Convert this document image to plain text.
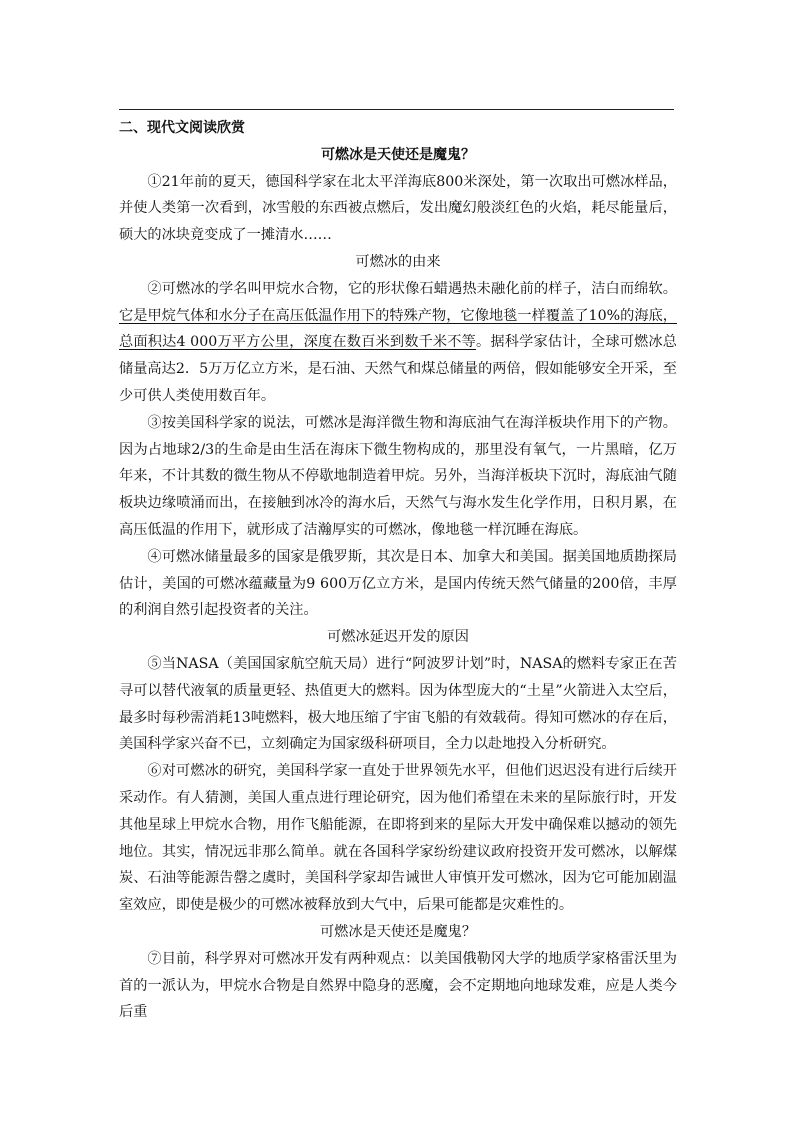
二、现代文阅读欣赏

可燃冰是天使还是魔鬼？

①21年前的夏天，德国科学家在北太平洋海底800米深处，第一次取出可燃冰样品，并使人类第一次看到，冰雪般的东西被点燃后，发出魔幻般淡红色的火焰，耗尽能量后，硕大的冰块竟变成了一摊清水……

可燃冰的由来

②可燃冰的学名叫甲烷水合物，它的形状像石蜡遇热未融化前的样子，洁白而绵软。它是甲烷气体和水分子在高压低温作用下的特殊产物，它像地毯一样覆盖了10%的海底，总面积达4 000万平方公里，深度在数百米到数千米不等。据科学家估计，全球可燃冰总储量高达2．5万万亿立方米，是石油、天然气和煤总储量的两倍，假如能够安全开采，至少可供人类使用数百年。

③按美国科学家的说法，可燃冰是海洋微生物和海底油气在海洋板块作用下的产物。因为占地球2/3的生命是由生活在海床下微生物构成的，那里没有氧气，一片黑暗，亿万年来，不计其数的微生物从不停歇地制造着甲烷。另外，当海洋板块下沉时，海底油气随板块边缘喷涌而出，在接触到冰冷的海水后，天然气与海水发生化学作用，日积月累，在高压低温的作用下，就形成了洁瀚厚实的可燃冰，像地毯一样沉睡在海底。

④可燃冰储量最多的国家是俄罗斯，其次是日本、加拿大和美国。据美国地质勘探局估计，美国的可燃冰蕴藏量为9 600万亿立方米，是国内传统天然气储量的200倍，丰厚的利润自然引起投资者的关注。

可燃冰延迟开发的原因

⑤当NASA（美国国家航空航天局）进行“阿波罗计划”时，NASA的燃料专家正在苦寻可以替代液氧的质量更轻、热值更大的燃料。因为体型庞大的“土星”火箭进入太空后，最多时每秒需消耗13吨燃料，极大地压缩了宇宙飞船的有效载荷。得知可燃冰的存在后，美国科学家兴奋不已，立刻确定为国家级科研项目，全力以赴地投入分析研究。

⑥对可燃冰的研究，美国科学家一直处于世界领先水平，但他们迟迟没有进行后续开采动作。有人猜测，美国人重点进行理论研究，因为他们希望在未来的星际旅行时，开发其他星球上甲烷水合物，用作飞船能源，在即将到来的星际大开发中确保难以撼动的领先地位。其实，情况远非那么简单。就在各国科学家纷纷建议政府投资开发可燃冰，以解煤炭、石油等能源告罄之虞时，美国科学家却告诫世人审慎开发可燃冰，因为它可能加剧温室效应，即使是极少的可燃冰被释放到大气中，后果可能都是灾难性的。

可燃冰是天使还是魔鬼？

⑦目前，科学界对可燃冰开发有两种观点：以美国俄勒冈大学的地质学家格雷沃里为首的一派认为，甲烷水合物是自然界中隐身的恶魔，会不定期地向地球发难，应是人类今后重
